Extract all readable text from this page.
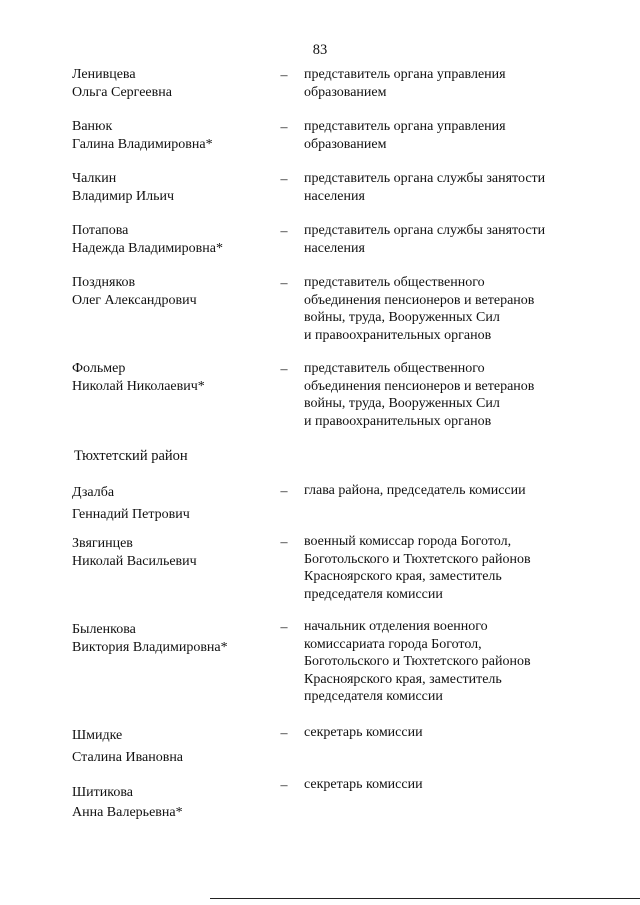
83
Ленивцева
Ольга Сергеевна
–	представитель органа управления
образованием
Ванюк
Галина Владимировна*
–	представитель органа управления
образованием
Чалкин
Владимир Ильич
–	представитель органа службы занятости
населения
Потапова
Надежда Владимировна*
–	представитель органа службы занятости
населения
Поздняков
Олег Александрович
–	представитель общественного
объединения пенсионеров и ветеранов
войны, труда, Вооруженных Сил
и правоохранительных органов
Фольмер
Николай Николаевич*
–	представитель общественного
объединения пенсионеров и ветеранов
войны, труда, Вооруженных Сил
и правоохранительных органов
Тюхтетский район
Дзалба
Геннадий Петрович
–	глава района, председатель комиссии
Звягинцев
Николай Васильевич
–	военный комиссар города Боготол,
Боготольского и Тюхтетского районов
Красноярского края, заместитель
председателя комиссии
Быленкова
Виктория Владимировна*
–	начальник отделения военного
комиссариата города Боготол,
Боготольского и Тюхтетского районов
Красноярского края, заместитель
председателя комиссии
Шмидке
Сталина Ивановна
–	секретарь комиссии
Шитикова
Анна Валерьевна*
–	секретарь комиссии
